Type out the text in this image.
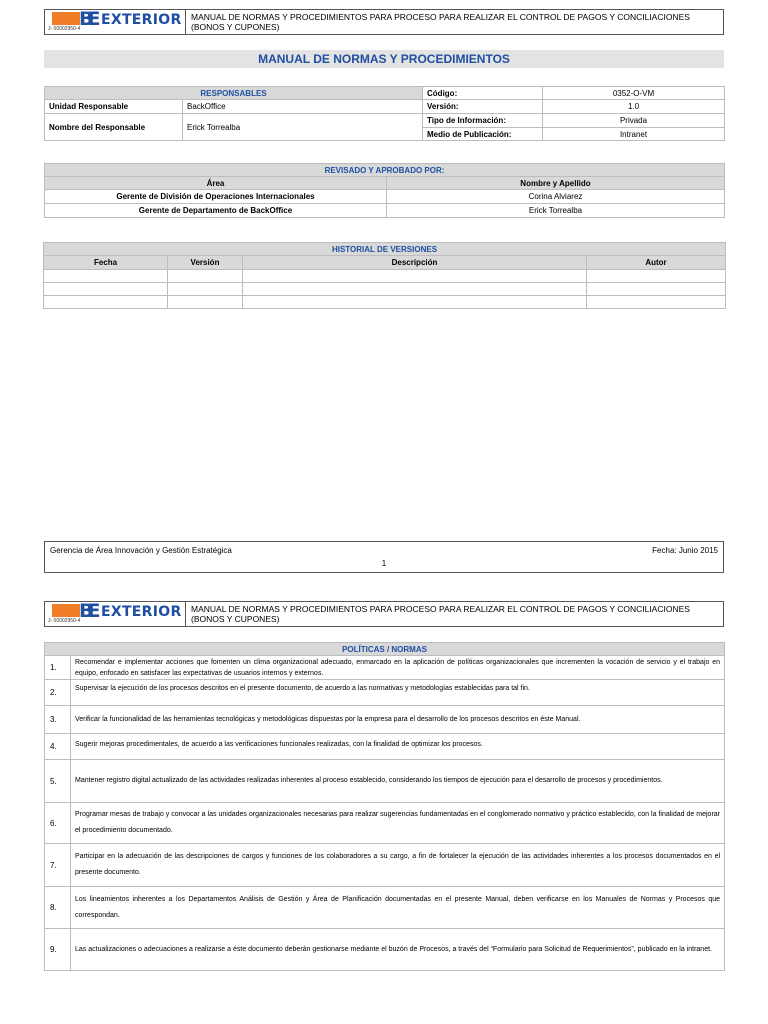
BE EXTERIOR
J- 00002950-4
MANUAL DE NORMAS Y PROCEDIMIENTOS PARA PROCESO PARA REALIZAR EL CONTROL DE PAGOS Y CONCILIACIONES (BONOS Y CUPONES)
MANUAL DE NORMAS Y PROCEDIMIENTOS
RESPONSABLES		Código:	0352-O-VM
Unidad Responsable	BackOffice	Versión:	1.0
Nombre del Responsable	Erick Torrealba	Tipo de Información:	Privada
		Medio de Publicación:	Intranet
REVISADO Y APROBADO POR:	
Área	Nombre y Apellido
Gerente de División de Operaciones Internacionales	Corina Alviarez
Gerente de Departamento de BackOffice	Erick Torrealba
HISTORIAL DE VERSIONES			
Fecha	Versión	Descripción	Autor

Gerencia de Área Innovación y Gestión Estratégica	Fecha: Junio 2015
1
BE EXTERIOR
J- 00002950-4
MANUAL DE NORMAS Y PROCEDIMIENTOS PARA PROCESO PARA REALIZAR EL CONTROL DE PAGOS Y CONCILIACIONES (BONOS Y CUPONES)
POLÍTICAS / NORMAS	
1.	Recomendar e implementar acciones que fomenten un clima organizacional adecuado, enmarcado en la aplicación de políticas organizacionales que incrementen la vocación de servicio y el trabajo en equipo, enfocado en satisfacer las expectativas de usuarios internos y externos.
2.	Supervisar la ejecución de los procesos descritos en el presente documento, de acuerdo a las normativas y metodologías establecidas para tal fin.
3.	Verificar la funcionalidad de las herramientas tecnológicas y metodológicas dispuestas por la empresa para el desarrollo de los procesos descritos en éste Manual.
4.	Sugerir mejoras procedimentales, de acuerdo a las verificaciones funcionales realizadas, con la finalidad de optimizar los procesos.
5.	Mantener registro digital actualizado de las actividades realizadas inherentes al proceso establecido, considerando los tiempos de ejecución para el desarrollo de procesos y procedimientos.
6.	Programar mesas de trabajo y convocar a las unidades organizacionales necesarias para realizar sugerencias fundamentadas en el conglomerado normativo y práctico establecido, con la finalidad de mejorar el procedimiento documentado.
7.	Participar en la adecuación de las descripciones de cargos y funciones de los colaboradores a su cargo, a fin de fortalecer la ejecución de las actividades inherentes a los procesos documentados en el presente documento.
8.	Los lineamientos inherentes a los Departamentos Análisis de Gestión y Área de Planificación documentadas en el presente Manual, deben verificarse en los Manuales de Normas y Procesos que correspondan.
9.	Las actualizaciones o adecuaciones a realizarse a éste documento deberán gestionarse mediante el buzón de Procesos, a través del “Formulario para Solicitud de Requerimientos”, publicado en la intranet.
